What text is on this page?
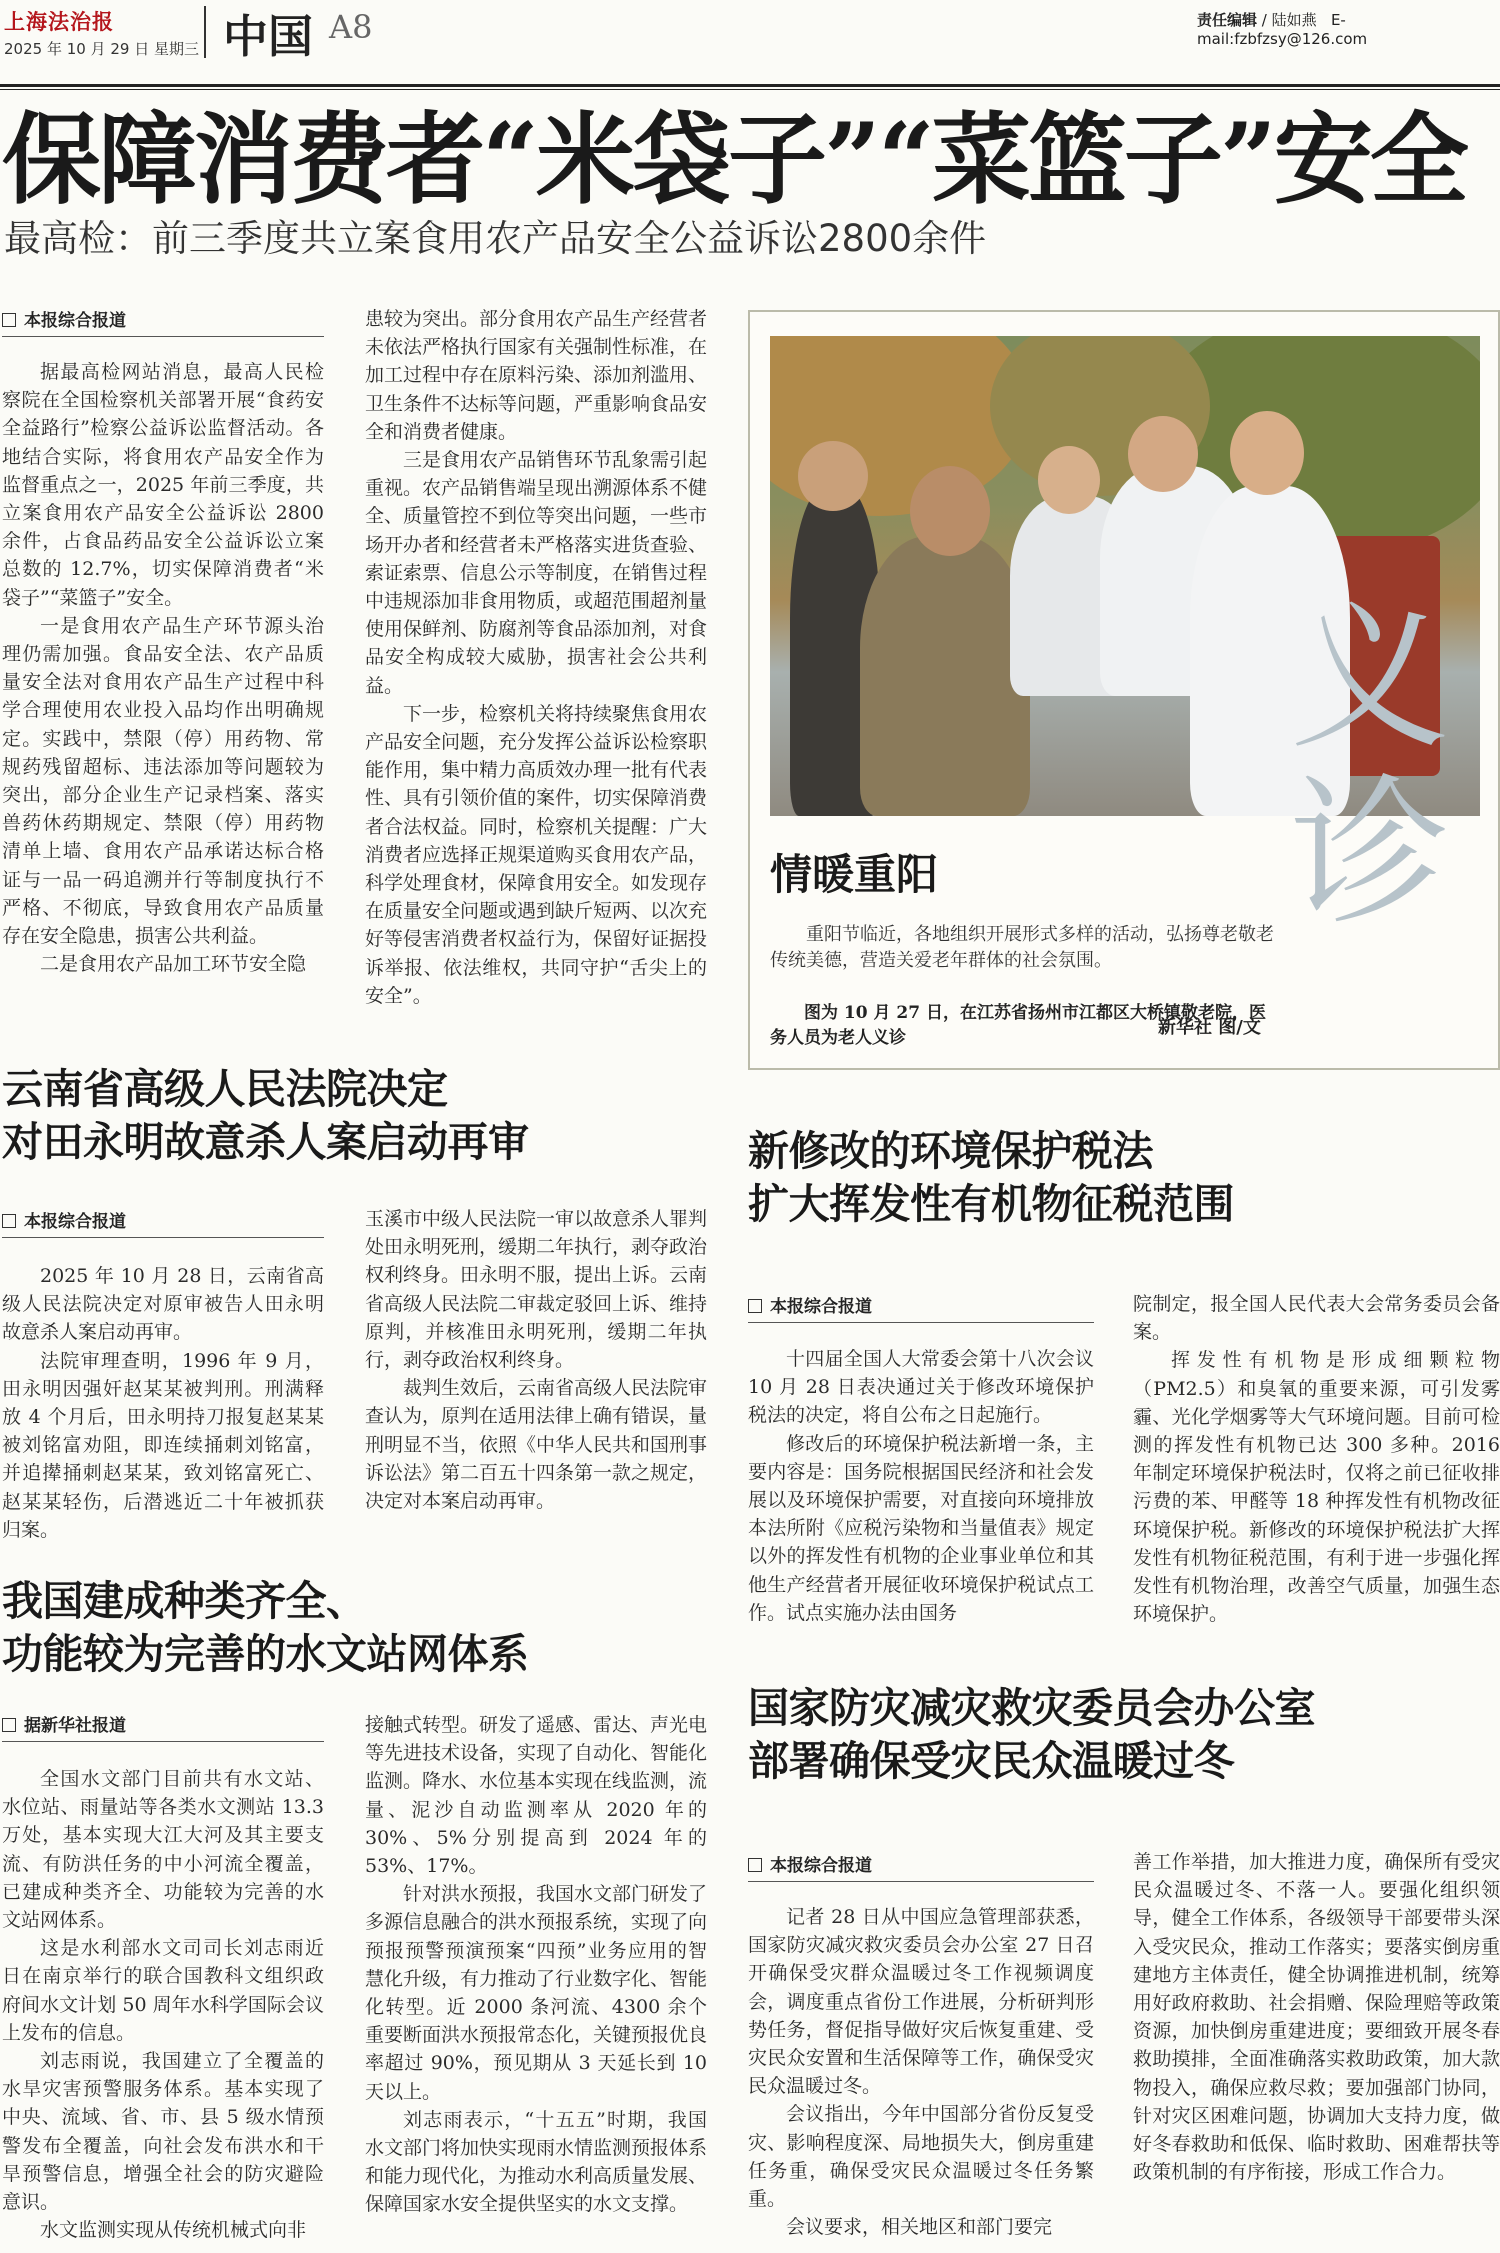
上海法治报
2025 年 10 月 29 日 星期三 中国 A8	责任编辑 / 陆如燕 E-mail:fzbfzsy@126.com
保障消费者“米袋子”“菜篮子”安全
最高检：前三季度共立案食用农产品安全公益诉讼2800余件
本报综合报道

据最高检网站消息，最高人民检察院在全国检察机关部署开展“食药安全益路行”检察公益诉讼监督活动。各地结合实际，将食用农产品安全作为监督重点之一，2025 年前三季度，共立案食用农产品安全公益诉讼 2800 余件，占食品药品安全公益诉讼立案总数的 12.7%，切实保障消费者“米袋子”“菜篮子”安全。

一是食用农产品生产环节源头治理仍需加强。食品安全法、农产品质量安全法对食用农产品生产过程中科学合理使用农业投入品均作出明确规定。实践中，禁限（停）用药物、常规药残留超标、违法添加等问题较为突出，部分企业生产记录档案、落实兽药休药期规定、禁限（停）用药物清单上墙、食用农产品承诺达标合格证与一品一码追溯并行等制度执行不严格、不彻底，导致食用农产品质量存在安全隐患，损害公共利益。

二是食用农产品加工环节安全隐

患较为突出。部分食用农产品生产经营者未依法严格执行国家有关强制性标准，在加工过程中存在原料污染、添加剂滥用、卫生条件不达标等问题，严重影响食品安全和消费者健康。

三是食用农产品销售环节乱象需引起重视。农产品销售端呈现出溯源体系不健全、质量管控不到位等突出问题，一些市场开办者和经营者未严格落实进货查验、索证索票、信息公示等制度，在销售过程中违规添加非食用物质，或超范围超剂量使用保鲜剂、防腐剂等食品添加剂，对食品安全构成较大威胁，损害社会公共利益。

下一步，检察机关将持续聚焦食用农产品安全问题，充分发挥公益诉讼检察职能作用，集中精力高质效办理一批有代表性、具有引领价值的案件，切实保障消费者合法权益。同时，检察机关提醒：广大消费者应选择正规渠道购买食用农产品，科学处理食材，保障食用安全。如发现存在质量安全问题或遇到缺斤短两、以次充好等侵害消费者权益行为，保留好证据投诉举报、依法维权，共同守护“舌尖上的安全”。

义诊
情暖重阳

重阳节临近，各地组织开展形式多样的活动，弘扬尊老敬老传统美德，营造关爱老年群体的社会氛围。

图为 10 月 27 日，在江苏省扬州市江都区大桥镇敬老院，医务人员为老人义诊	新华社 图/文
云南省高级人民法院决定
对田永明故意杀人案启动再审
本报综合报道

2025 年 10 月 28 日，云南省高级人民法院决定对原审被告人田永明故意杀人案启动再审。

法院审理查明，1996 年 9 月，田永明因强奸赵某某被判刑。刑满释放 4 个月后，田永明持刀报复赵某某被刘铭富劝阻，即连续捅刺刘铭富，并追撵捅刺赵某某，致刘铭富死亡、赵某某轻伤，后潜逃近二十年被抓获归案。

玉溪市中级人民法院一审以故意杀人罪判处田永明死刑，缓期二年执行，剥夺政治权利终身。田永明不服，提出上诉。云南省高级人民法院二审裁定驳回上诉、维持原判，并核准田永明死刑，缓期二年执行，剥夺政治权利终身。

裁判生效后，云南省高级人民法院审查认为，原判在适用法律上确有错误，量刑明显不当，依照《中华人民共和国刑事诉讼法》第二百五十四条第一款之规定，决定对本案启动再审。

新修改的环境保护税法
扩大挥发性有机物征税范围
本报综合报道

十四届全国人大常委会第十八次会议 10 月 28 日表决通过关于修改环境保护税法的决定，将自公布之日起施行。

修改后的环境保护税法新增一条，主要内容是：国务院根据国民经济和社会发展以及环境保护需要，对直接向环境排放本法所附《应税污染物和当量值表》规定以外的挥发性有机物的企业事业单位和其他生产经营者开展征收环境保护税试点工作。试点实施办法由国务

院制定，报全国人民代表大会常务委员会备案。

挥发性有机物是形成细颗粒物（PM2.5）和臭氧的重要来源，可引发雾霾、光化学烟雾等大气环境问题。目前可检测的挥发性有机物已达 300 多种。2016 年制定环境保护税法时，仅将之前已征收排污费的苯、甲醛等 18 种挥发性有机物改征环境保护税。新修改的环境保护税法扩大挥发性有机物征税范围，有利于进一步强化挥发性有机物治理，改善空气质量，加强生态环境保护。

我国建成种类齐全、
功能较为完善的水文站网体系
据新华社报道

全国水文部门目前共有水文站、水位站、雨量站等各类水文测站 13.3 万处，基本实现大江大河及其主要支流、有防洪任务的中小河流全覆盖，已建成种类齐全、功能较为完善的水文站网体系。

这是水利部水文司司长刘志雨近日在南京举行的联合国教科文组织政府间水文计划 50 周年水科学国际会议上发布的信息。

刘志雨说，我国建立了全覆盖的水旱灾害预警服务体系。基本实现了中央、流域、省、市、县 5 级水情预警发布全覆盖，向社会发布洪水和干旱预警信息，增强全社会的防灾避险意识。

水文监测实现从传统机械式向非

接触式转型。研发了遥感、雷达、声光电等先进技术设备，实现了自动化、智能化监测。降水、水位基本实现在线监测，流量、泥沙自动监测率从 2020 年的 30%、5%分别提高到 2024 年的 53%、17%。

针对洪水预报，我国水文部门研发了多源信息融合的洪水预报系统，实现了向预报预警预演预案“四预”业务应用的智慧化升级，有力推动了行业数字化、智能化转型。近 2000 条河流、4300 余个重要断面洪水预报常态化，关键预报优良率超过 90%，预见期从 3 天延长到 10 天以上。

刘志雨表示，“十五五”时期，我国水文部门将加快实现雨水情监测预报体系和能力现代化，为推动水利高质量发展、保障国家水安全提供坚实的水文支撑。

国家防灾减灾救灾委员会办公室
部署确保受灾民众温暖过冬
本报综合报道

记者 28 日从中国应急管理部获悉，国家防灾减灾救灾委员会办公室 27 日召开确保受灾群众温暖过冬工作视频调度会，调度重点省份工作进展，分析研判形势任务，督促指导做好灾后恢复重建、受灾民众安置和生活保障等工作，确保受灾民众温暖过冬。

会议指出，今年中国部分省份反复受灾、影响程度深、局地损失大，倒房重建任务重，确保受灾民众温暖过冬任务繁重。

会议要求，相关地区和部门要完

善工作举措，加大推进力度，确保所有受灾民众温暖过冬、不落一人。要强化组织领导，健全工作体系，各级领导干部要带头深入受灾民众，推动工作落实；要落实倒房重建地方主体责任，健全协调推进机制，统筹用好政府救助、社会捐赠、保险理赔等政策资源，加快倒房重建进度；要细致开展冬春救助摸排，全面准确落实救助政策，加大款物投入，确保应救尽救；要加强部门协同，针对灾区困难问题，协调加大支持力度，做好冬春救助和低保、临时救助、困难帮扶等政策机制的有序衔接，形成工作合力。
